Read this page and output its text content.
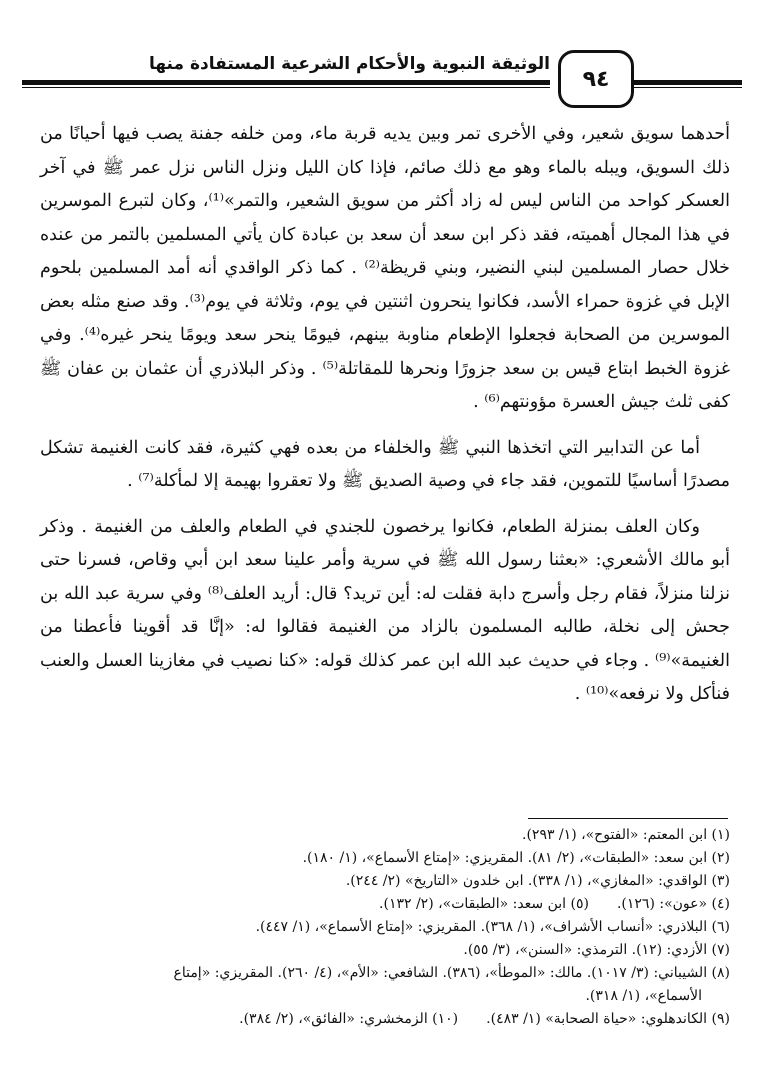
الوثيقة النبوية والأحكام الشرعية المستفادة منها
٩٤

أحدهما سويق شعير، وفي الأخرى تمر وبين يديه قربة ماء، ومن خلفه جفنة يصب فيها أحيانًا من ذلك السويق، ويبله بالماء وهو مع ذلك صائم، فإذا كان الليل ونزل الناس نزل عمر ﷺ في آخر العسكر كواحد من الناس ليس له زاد أكثر من سويق الشعير، والتمر»⁽¹⁾، وكان لتبرع الموسرين في هذا المجال أهميته، فقد ذكر ابن سعد أن سعد بن عبادة كان يأتي المسلمين بالتمر من عنده خلال حصار المسلمين لبني النضير، وبني قريظة⁽²⁾ . كما ذكر الواقدي أنه أمد المسلمين بلحوم الإبل في غزوة حمراء الأسد، فكانوا ينحرون اثنتين في يوم، وثلاثة في يوم⁽³⁾. وقد صنع مثله بعض الموسرين من الصحابة فجعلوا الإطعام مناوبة بينهم، فيومًا ينحر سعد ويومًا ينحر غيره⁽⁴⁾. وفي غزوة الخبط ابتاع قيس بن سعد جزورًا ونحرها للمقاتلة⁽⁵⁾ . وذكر البلاذري أن عثمان بن عفان ﷺ كفى ثلث جيش العسرة مؤونتهم⁽⁶⁾ .

أما عن التدابير التي اتخذها النبي ﷺ والخلفاء من بعده فهي كثيرة، فقد كانت الغنيمة تشكل مصدرًا أساسيًا للتموين، فقد جاء في وصية الصديق ﷺ ولا تعقروا بهيمة إلا لمأكلة⁽⁷⁾ .

وكان العلف بمنزلة الطعام، فكانوا يرخصون للجندي في الطعام والعلف من الغنيمة . وذكر أبو مالك الأشعري: «بعثنا رسول الله ﷺ في سرية وأمر علينا سعد ابن أبي وقاص، فسرنا حتى نزلنا منزلاً، فقام رجل وأسرج دابة فقلت له: أين تريد؟ قال: أريد العلف⁽⁸⁾ وفي سرية عبد الله بن جحش إلى نخلة، طالبه المسلمون بالزاد من الغنيمة فقالوا له: «إنَّا قد أقوينا فأعطنا من الغنيمة»⁽⁹⁾ . وجاء في حديث عبد الله ابن عمر كذلك قوله: «كنا نصيب في مغازينا العسل والعنب فنأكل ولا نرفعه»⁽¹⁰⁾ .

(١) ابن المعتم: «الفتوح»، (١/ ٢٩٣).
(٢) ابن سعد: «الطبقات»، (٢/ ٨١). المقريزي: «إمتاع الأسماع»، (١/ ١٨٠).
(٣) الواقدي: «المغازي»، (١/ ٣٣٨). ابن خلدون «التاريخ» (٢/ ٢٤٤).
(٤) «عون»: (١٢٦).
(٥) ابن سعد: «الطبقات»، (٢/ ١٣٢).
(٦) البلاذري: «أنساب الأشراف»، (١/ ٣٦٨). المقريزي: «إمتاع الأسماع»، (١/ ٤٤٧).
(٧) الأزدي: (١٢). الترمذي: «السنن»، (٣/ ٥٥).
(٨) الشيباني: (٣/ ١٠١٧). مالك: «الموطأ»، (٣٨٦). الشافعي: «الأم»، (٤/ ٢٦٠). المقريزي: «إمتاع
الأسماع»، (١/ ٣١٨).
(٩) الكاندهلوي: «حياة الصحابة» (١/ ٤٨٣).
(١٠) الزمخشري: «الفائق»، (٢/ ٣٨٤).
